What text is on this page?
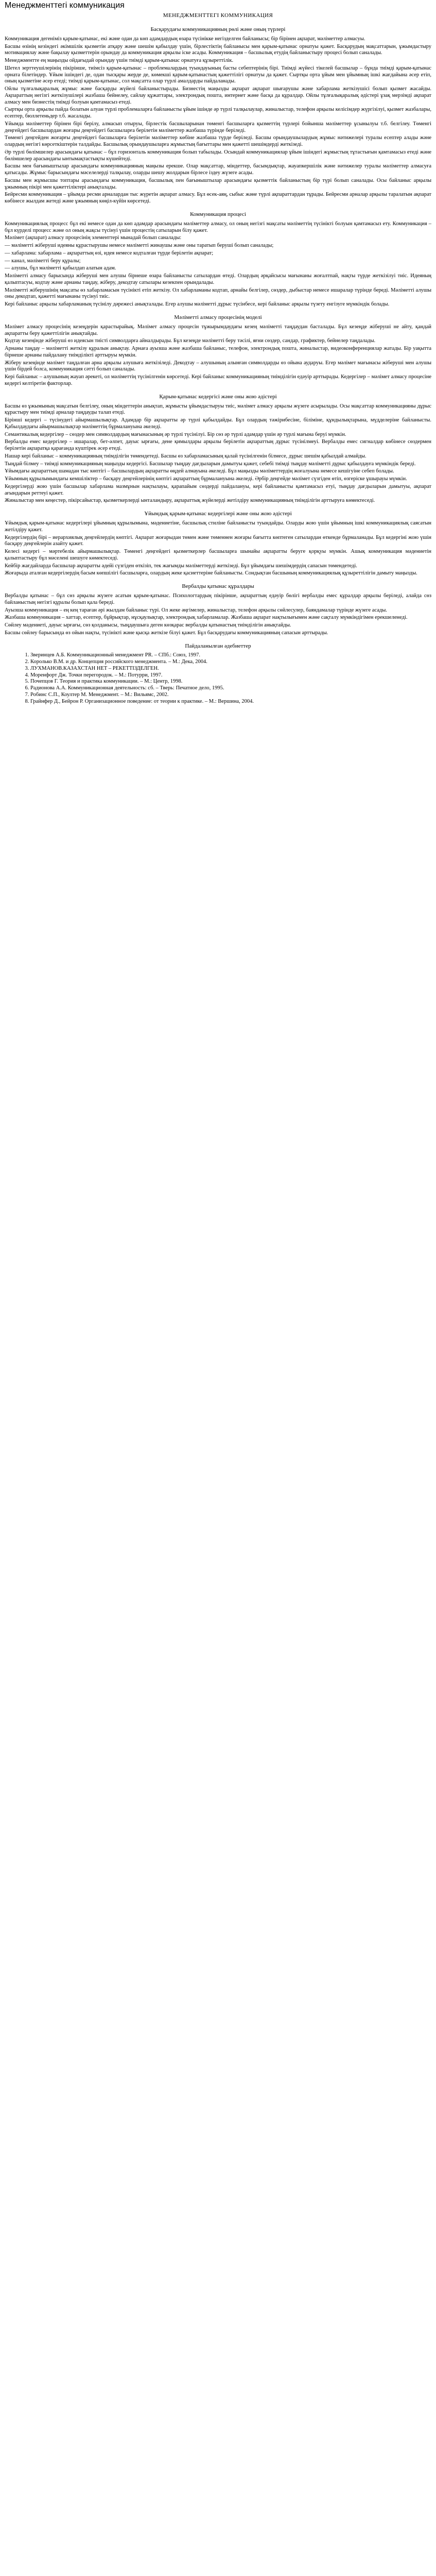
Менеджменттегі коммуникация
МЕНЕДЖМЕНТТЕГІ КОММУНИКАЦИЯ
Басқарудағы коммуникацияның рөлі және оның түрлері

Коммуникация дегеніміз қарым-қатынас, екі және одан да көп адамдардың өзара түсінікке негізделген байланысы; бір бірінен ақпарат, мәліметтер алмасуы.

Басшы өзінің кезіндегі әкімшілік қызметін атқару және шешім қабылдау үшін, бірлестіктің байланысы мен қарым-қатынас орнатуы қажет. Басқарудың мақсаттарын, ұжымдастыру мотивациялау және бақылау қызметтерін орындау да коммуникация арқылы іске асады. Коммуникация – басшылық етудің байланыстыру процесі болып саналады.

Менеджментте ең маңызды ойдағыдай орындау үшін тиімді қарым-қатынас орнатуға құзыреттілік.

Шетел зерттеушілерінің пікірінше, тиімсіз қарым-қатынас – проблемалардың туындауының басты себептерінің бірі. Тиімді жүйесі тікелей басшылар – бұнда тиімді қарым-қатынас орната білетіндер. Ұйым ішіндегі де, одан тысқары жерде де, көмекші қарым-қатынастың қажеттілігі орнатуы да қажет. Сыртқы орта ұйым мен ұйымның ішкі жағдайына әсер етіп, оның қызметіне әсер етеді; тиімді қарым-қатынас, сол мақсатта олар түрлі амалдарды пайдаланады.

Ойлы тұлғалықаралық жұмыс және басқарды жүйелі байланыстырады. Бизнестің маңызды ақпарат ақпарат шығарушы және хабарлама жеткізушісі болып қызмет жасайды. Ақпараттың негізгі жеткізушілері жазбаша бейнелеу, сайлау құжаттары, электрондық пошта, интернет және басқа да құралдар. Ойлы тұлғалықаралық әдістері ұзақ мерзімді ақпарат алмасу мен бизнестің тиімді болуын қамтамасыз етеді.

Сыртқы орта арқылы пайда болатын алуан түрлі проблемаларға байланысты ұйым ішінде әр түрлі талқылаулар, жиналыстар, телефон арқылы келісімдер жүргізілуі, қызмет жазбалары, есептер, бюллетеньдер т.б. жасалады.

Ұйымда мәліметтер бірінен бірі берілу, алмасып отыруы, бірлестік басшыларынан төменгі басшыларға қызметтің түрлері бойынша мәліметтер ұсынылуы т.б. белгілеу. Төменгі деңгейдегі басшылардан жоғары деңгейдегі басшыларға берілетін мәліметтер жазбаша түрінде беріледі.

Төменгі деңгейден жоғарғы деңгейдегі басшыларға берілетін мәліметтер көбіне жазбаша түрде беріледі. Басшы орындаушылардың жұмыс нәтижелері туралы есептер алады және олардың негізгі көрсеткіштерін талдайды. Басшылық орындаушыларға жұмыстың бағыттары мен қажетті шешімдерді жеткізеді.

Әр түрлі бөлімшелер арасындағы қатынас – бұл горизонталь коммуникация болып табылады. Осындай коммуникациялар ұйым ішіндегі жұмыстың тұтастығын қамтамасыз етеді және бөлімшелер арасындағы ынтымақтастықты күшейтеді.

Басшы мен бағыныштылар арасындағы коммуникацияның маңызы ерекше. Олар мақсаттар, міндеттер, басымдықтар, жауапкершілік және нәтижелер туралы мәліметтер алмасуға қатысады. Жұмыс барысындағы мәселелерді талқылау, оларды шешу жолдарын бірлесе іздеу жүзеге асады.

Басшы мен жұмысшы топтары арасындағы коммуникация, басшылық пен бағыныштылар арасындағы қызметтік байланыстың бір түрі болып саналады. Осы байланыс арқылы ұжымның пікірі мен қажеттіліктері анықталады.

Бейресми коммуникация – ұйымда ресми арналардан тыс жүретін ақпарат алмасу. Бұл өсек-аяң, сыбыс және түрлі ақпараттардан тұрады. Бейресми арналар арқылы таралатын ақпарат көбінесе жылдам жетеді және ұжымның көңіл-күйін көрсетеді.

Коммуникация процесі

Коммуникациялық процесс бұл екі немесе одан да көп адамдар арасындағы мәліметтер алмасу, ол оның негізгі мақсаты мәліметтің түсінікті болуын қамтамасыз ету. Коммуникация – бұл күрделі процесс және ол оның жақсы түсінуі үшін процестің сатыларын білу қажет.

Мәлімет (ақпарат) алмасу процесінің элементтері мынадай болып саналады:

— мәліметті жіберуші идеяны құрастырушы немесе мәліметті жинаушы және оны таратып беруші болып саналады;

— хабарлама: хабарлама – ақпараттың өзі, идея немесе кодталған түрде берілетін ақпарат;

— канал, мәліметті беру құралы;

— алушы, бұл мәліметті қабылдап алатын адам.

Мәліметті алмасу барысында жіберуші мен алушы бірнеше өзара байланысты сатылардан өтеді. Олардың әрқайсысы мағынаны жоғалтпай, нақты түрде жеткізілуі тиіс. Идеяның қалыптасуы, кодтау және арнаны таңдау, жіберу, декодтау сатылары кезекпен орындалады.

Мәліметті жіберушінің мақсаты өз хабарламасын түсінікті етіп жеткізу. Ол хабарламаны кодтап, арнайы белгілер, сөздер, дыбыстар немесе ишаралар түрінде береді. Мәліметті алушы оны декодтап, қажетті мағынаны түсінуі тиіс.

Кері байланыс арқылы хабарламаның түсінілу дәрежесі анықталады. Егер алушы мәліметті дұрыс түсінбесе, кері байланыс арқылы түзету енгізуге мүмкіндік болады.

Мәліметті алмасу процесінің моделі

Мәлімет алмасу процесінің кезеңдерін қарастырайық. Мәлімет алмасу процесін тұжырымдаудағы кезең мәліметті таңдаудан басталады. Бұл кезеңде жіберуші не айту, қандай ақпаратты беру қажеттілігін анықтайды.

Кодтау кезеңінде жіберуші өз идеясын тиісті символдарға айналдырады. Бұл кезеңде мәліметті беру тәсілі, яғни сөздер, сандар, графиктер, бейнелер таңдалады.

Арнаны таңдау – мәліметті жеткізу құралын анықтау. Арнаға ауызша және жазбаша байланыс, телефон, электрондық пошта, жиналыстар, видеоконференциялар жатады. Бір уақытта бірнеше арнаны пайдалану тиімділікті арттыруы мүмкін.

Жіберу кезеңінде мәлімет таңдалған арна арқылы алушыға жеткізіледі. Декодтау – алушының алынған символдарды өз ойына аударуы. Егер мәлімет мағынасы жіберуші мен алушы үшін бірдей болса, коммуникация сәтті болып саналады.

Кері байланыс – алушының жауап әрекеті, ол мәліметтің түсінілгенін көрсетеді. Кері байланыс коммуникацияның тиімділігін едәуір арттырады. Кедергілер – мәлімет алмасу процесіне кедергі келтіретін факторлар.

Қарым-қатынас кедергісі және оны жою әдістері

Басшы өз ұжымының мақсатын белгілеу, оның міндеттерін анықтап, жұмысты ұйымдастыруы тиіс, мәлімет алмасу арқылы жүзеге асырылады. Осы мақсаттар коммуникацияны дұрыс құрастыру мен тиімді арналар таңдауды талап етеді.

Бірінші кедергі – түсінудегі айырмашылықтар. Адамдар бір ақпаратты әр түрлі қабылдайды. Бұл олардың тәжірибесіне, біліміне, құндылықтарына, мүдделеріне байланысты. Қабылдаудағы айырмашылықтар мәліметтің бұрмалануына әкеледі.

Семантикалық кедергілер – сөздер мен символдардың мағынасының әр түрлі түсінілуі. Бір сөз әр түрлі адамдар үшін әр түрлі мағына беруі мүмкін.

Вербалды емес кедергілер – ишаралар, бет-әлпет, дауыс ырғағы, дене қимылдары арқылы берілетін ақпараттың дұрыс түсінілмеуі. Вербалды емес сигналдар көбінесе сөздермен берілетін ақпаратқа қарағанда күштірек әсер етеді.

Нашар кері байланыс – коммуникацияның тиімділігін төмендетеді. Басшы өз хабарламасының қалай түсінілгенін білмесе, дұрыс шешім қабылдай алмайды.

Тыңдай білмеу – тиімді коммуникацияның маңызды кедергісі. Басшылар тыңдау дағдыларын дамытуы қажет, себебі тиімді тыңдау мәліметті дұрыс қабылдауға мүмкіндік береді.

Ұйымдағы ақпараттың шамадан тыс көптігі – басшылардың ақпаратты өңдей алмауына әкеледі. Бұл маңызды мәліметтердің жоғалуына немесе кешігуіне себеп болады.

Ұйымның құрылымындағы кемшіліктер – басқару деңгейлерінің көптігі ақпараттың бұрмалануына әкеледі. Әрбір деңгейде мәлімет сүзгіден өтіп, өзгеріске ұшырауы мүмкін.

Кедергілерді жою үшін басшылар хабарлама мазмұнын нақтылауы, қарапайым сөздерді пайдалануы, кері байланысты қамтамасыз етуі, тыңдау дағдыларын дамытуы, ақпарат ағындарын реттеуі қажет.

Жиналыстар мен кеңестер, пікірсайыстар, қызметкерлерді ынталандыру, ақпараттық жүйелерді жетілдіру коммуникацияның тиімділігін арттыруға көмектеседі.

Ұйымдық қарым-қатынас кедергілері және оны жою әдістері

Ұйымдық қарым-қатынас кедергілері ұйымның құрылымына, мәдениетіне, басшылық стиліне байланысты туындайды. Оларды жою үшін ұйымның ішкі коммуникациялық саясатын жетілдіру қажет.

Кедергілердің бірі – иерархиялық деңгейлердің көптігі. Ақпарат жоғарыдан төмен және төменнен жоғары бағытта көптеген сатылардан өткенде бұрмаланады. Бұл кедергіні жою үшін басқару деңгейлерін азайту қажет.

Келесі кедергі – мәртебелік айырмашылықтар. Төменгі деңгейдегі қызметкерлер басшыларға шынайы ақпаратты беруге қорқуы мүмкін. Ашық коммуникация мәдениетін қалыптастыру бұл мәселені шешуге көмектеседі.

Кейбір жағдайларда басшылар ақпаратты әдейі сүзгіден өткізіп, тек жағымды мәліметтерді жеткізеді. Бұл ұйымдағы шешімдердің сапасын төмендетеді.

Жоғарыда аталған кедергілердің басым көпшілігі басшыларға, олардың жеке қасиеттеріне байланысты. Сондықтан басшының коммуникациялық құзыреттілігін дамыту маңызды.

Вербалды қатынас құралдары

Вербалды қатынас – бұл сөз арқылы жүзеге асатын қарым-қатынас. Психологтардың пікірінше, ақпараттың едәуір бөлігі вербалды емес құралдар арқылы беріледі, алайда сөз байланыстың негізгі құралы болып қала береді.

Ауызша коммуникация – ең кең тараған әрі жылдам байланыс түрі. Ол жеке әңгімелер, жиналыстар, телефон арқылы сөйлесулер, баяндамалар түрінде жүзеге асады.

Жазбаша коммуникация – хаттар, есептер, бұйрықтар, нұсқаулықтар, электрондық хабарламалар. Жазбаша ақпарат нақтылығымен және сақталу мүмкіндігімен ерекшеленеді.

Сөйлеу мәдениеті, дауыс ырғағы, сөз қолданысы, тыңдаушыға деген көзқарас вербалды қатынастың тиімділігін анықтайды.

Басшы сөйлеу барысында өз ойын нақты, түсінікті және қысқа жеткізе білуі қажет. Бұл басқарудағы коммуникацияның сапасын арттырады.

Пайдаланылған әдебиеттер
1. Зверинцев А.Б. Коммуникационный менеджмент PR. – СПб.: Союз, 1997.
2. Королько В.М. и др. Концепция российского менеджмента. – М.: Дека, 2004.
3. ЛУХМАНОВ.КАЗАХСТАН НЕТ – РЕКЕТТІЗДЕЛГЕН.
4. Моренфорт Дж. Точки перегородок. – М.: Потурри, 1997.
5. Почепцов Г. Теория и практика коммуникации. – М.: Центр, 1998.
6. Радионова А.А. Коммуникационная деятельность: сб. – Тверь: Печатное дело, 1995.
7. Робинс С.П., Коултер М. Менеджмент. – М.: Вильямс, 2002.
8. Грайнфер Д., Бейрон Р. Организационное поведение: от теории к практике. – М.: Вершина, 2004.
